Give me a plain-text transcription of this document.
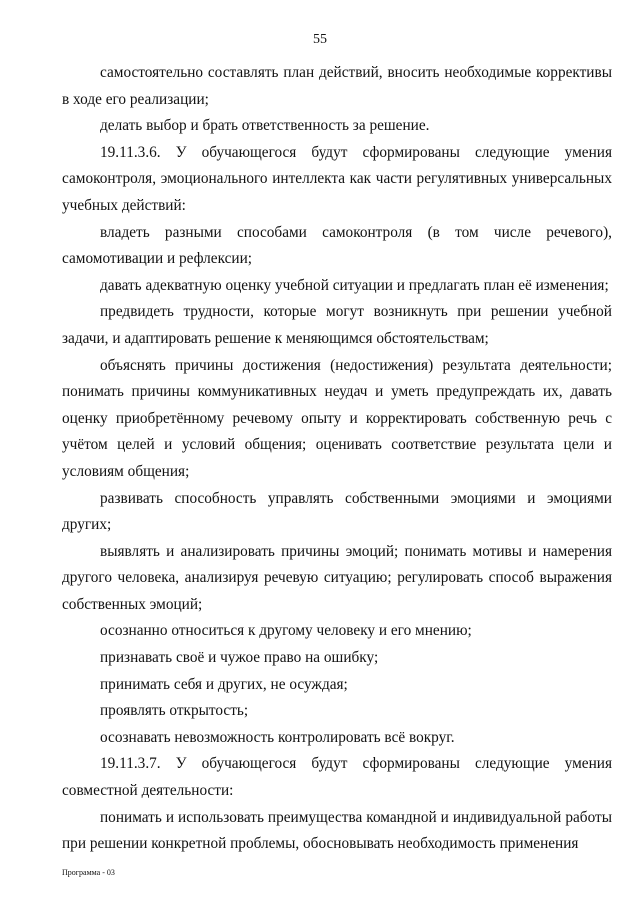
55

самостоятельно составлять план действий, вносить необходимые коррективы в ходе его реализации;

делать выбор и брать ответственность за решение.

19.11.3.6. У обучающегося будут сформированы следующие умения самоконтроля, эмоционального интеллекта как части регулятивных универсальных учебных действий:

владеть разными способами самоконтроля (в том числе речевого), самомотивации и рефлексии;

давать адекватную оценку учебной ситуации и предлагать план её изменения;

предвидеть трудности, которые могут возникнуть при решении учебной задачи, и адаптировать решение к меняющимся обстоятельствам;

объяснять причины достижения (недостижения) результата деятельности; понимать причины коммуникативных неудач и уметь предупреждать их, давать оценку приобретённому речевому опыту и корректировать собственную речь с учётом целей и условий общения; оценивать соответствие результата цели и условиям общения;

развивать способность управлять собственными эмоциями и эмоциями других;

выявлять и анализировать причины эмоций; понимать мотивы и намерения другого человека, анализируя речевую ситуацию; регулировать способ выражения собственных эмоций;

осознанно относиться к другому человеку и его мнению;

признавать своё и чужое право на ошибку;

принимать себя и других, не осуждая;

проявлять открытость;

осознавать невозможность контролировать всё вокруг.

19.11.3.7. У обучающегося будут сформированы следующие умения совместной деятельности:

понимать и использовать преимущества командной и индивидуальной работы при решении конкретной проблемы, обосновывать необходимость применения

Программа - 03
